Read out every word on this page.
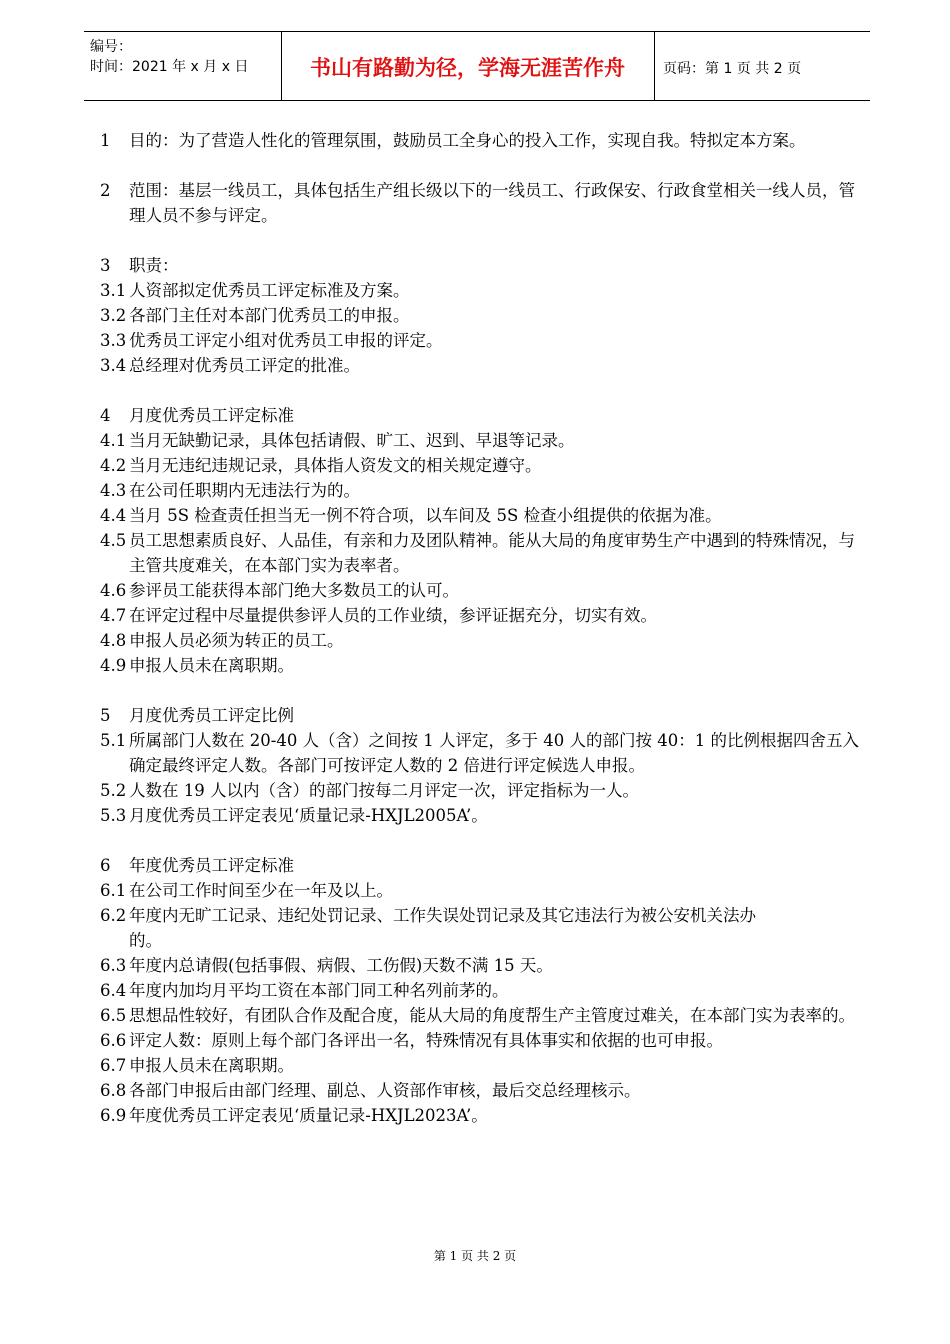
编号：
时间：2021 年 x 月 x 日	书山有路勤为径，学海无涯苦作舟	页码：第 1 页 共 2 页
1	目的：为了营造人性化的管理氛围，鼓励员工全身心的投入工作，实现自我。特拟定本方案。
2	范围：基层一线员工，具体包括生产组长级以下的一线员工、行政保安、行政食堂相关一线人员，管理人员不参与评定。
3	职责：
3.1 人资部拟定优秀员工评定标准及方案。
3.2 各部门主任对本部门优秀员工的申报。
3.3 优秀员工评定小组对优秀员工申报的评定。
3.4 总经理对优秀员工评定的批准。
4	月度优秀员工评定标准
4.1 当月无缺勤记录，具体包括请假、旷工、迟到、早退等记录。
4.2 当月无违纪违规记录，具体指人资发文的相关规定遵守。
4.3 在公司任职期内无违法行为的。
4.4 当月 5S 检查责任担当无一例不符合项，以车间及 5S 检查小组提供的依据为准。
4.5 员工思想素质良好、人品佳，有亲和力及团队精神。能从大局的角度审势生产中遇到的特殊情况，与主管共度难关，在本部门实为表率者。
4.6 参评员工能获得本部门绝大多数员工的认可。
4.7 在评定过程中尽量提供参评人员的工作业绩，参评证据充分，切实有效。
4.8 申报人员必须为转正的员工。
4.9 申报人员未在离职期。
5	月度优秀员工评定比例
5.1 所属部门人数在 20-40 人（含）之间按 1 人评定，多于 40 人的部门按 40：1 的比例根据四舍五入确定最终评定人数。各部门可按评定人数的 2 倍进行评定候选人申报。
5.2 人数在 19 人以内（含）的部门按每二月评定一次，评定指标为一人。
5.3 月度优秀员工评定表见‘质量记录-HXJL2005A’。
6	年度优秀员工评定标准
6.1 在公司工作时间至少在一年及以上。
6.2 年度内无旷工记录、违纪处罚记录、工作失误处罚记录及其它违法行为被公安机关法办
的。
6.3 年度内总请假(包括事假、病假、工伤假)天数不满 15 天。
6.4 年度内加均月平均工资在本部门同工种名列前茅的。
6.5 思想品性较好，有团队合作及配合度，能从大局的角度帮生产主管度过难关，在本部门实为表率的。
6.6 评定人数：原则上每个部门各评出一名，特殊情况有具体事实和依据的也可申报。
6.7 申报人员未在离职期。
6.8 各部门申报后由部门经理、副总、人资部作审核，最后交总经理核示。
6.9 年度优秀员工评定表见‘质量记录-HXJL2023A’。
第 1 页 共 2 页
